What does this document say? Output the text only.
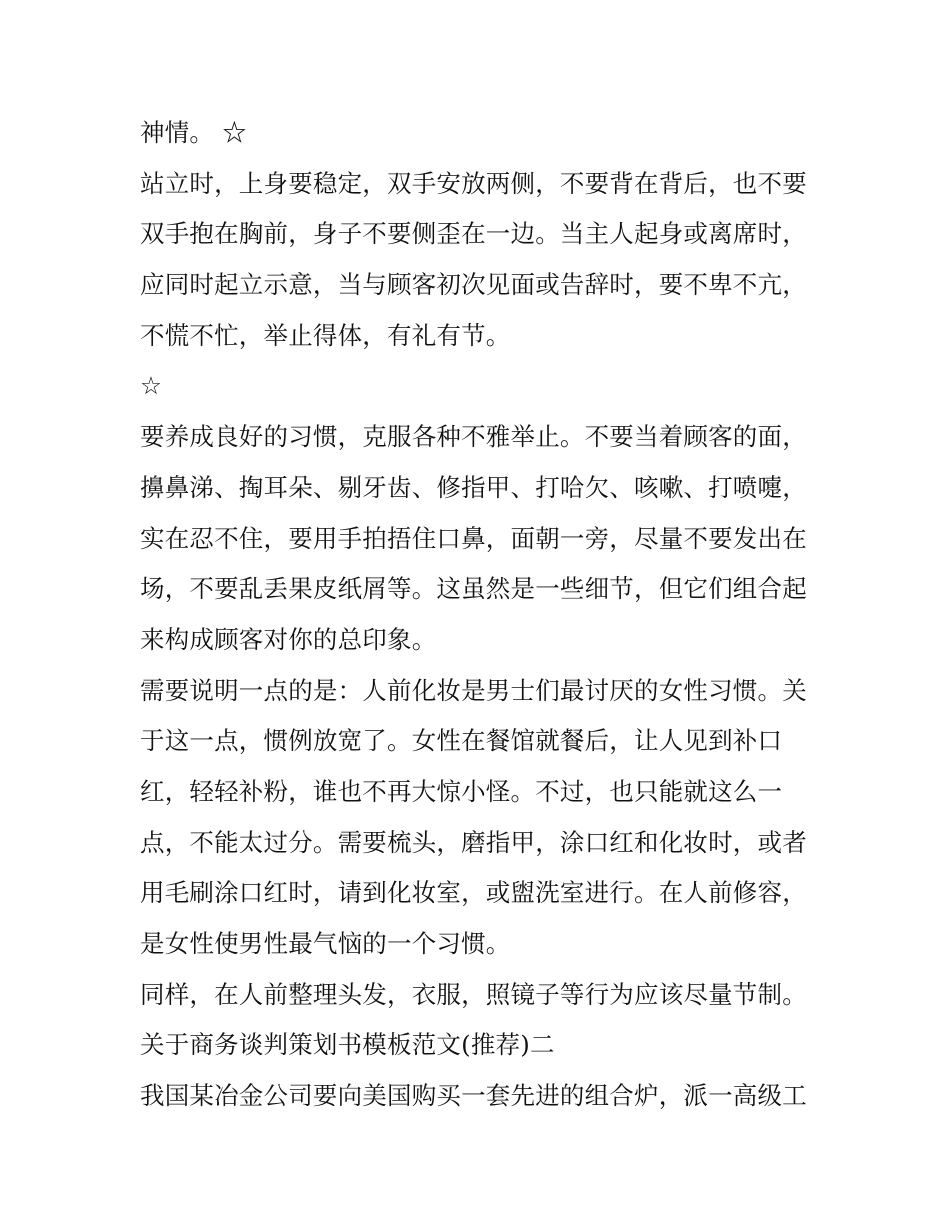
神情。 ☆
站立时，上身要稳定，双手安放两侧，不要背在背后，也不要
双手抱在胸前，身子不要侧歪在一边。当主人起身或离席时，
应同时起立示意，当与顾客初次见面或告辞时，要不卑不亢，
不慌不忙，举止得体，有礼有节。
☆
要养成良好的习惯，克服各种不雅举止。不要当着顾客的面，
擤鼻涕、掏耳朵、剔牙齿、修指甲、打哈欠、咳嗽、打喷嚏，
实在忍不住，要用手拍捂住口鼻，面朝一旁，尽量不要发出在
场，不要乱丢果皮纸屑等。这虽然是一些细节，但它们组合起
来构成顾客对你的总印象。
需要说明一点的是：人前化妆是男士们最讨厌的女性习惯。关
于这一点，惯例放宽了。女性在餐馆就餐后，让人见到补口
红，轻轻补粉，谁也不再大惊小怪。不过，也只能就这么一
点，不能太过分。需要梳头，磨指甲，涂口红和化妆时，或者
用毛刷涂口红时，请到化妆室，或盥洗室进行。在人前修容，
是女性使男性最气恼的一个习惯。
同样，在人前整理头发，衣服，照镜子等行为应该尽量节制。
关于商务谈判策划书模板范文(推荐)二
我国某冶金公司要向美国购买一套先进的组合炉，派一高级工
